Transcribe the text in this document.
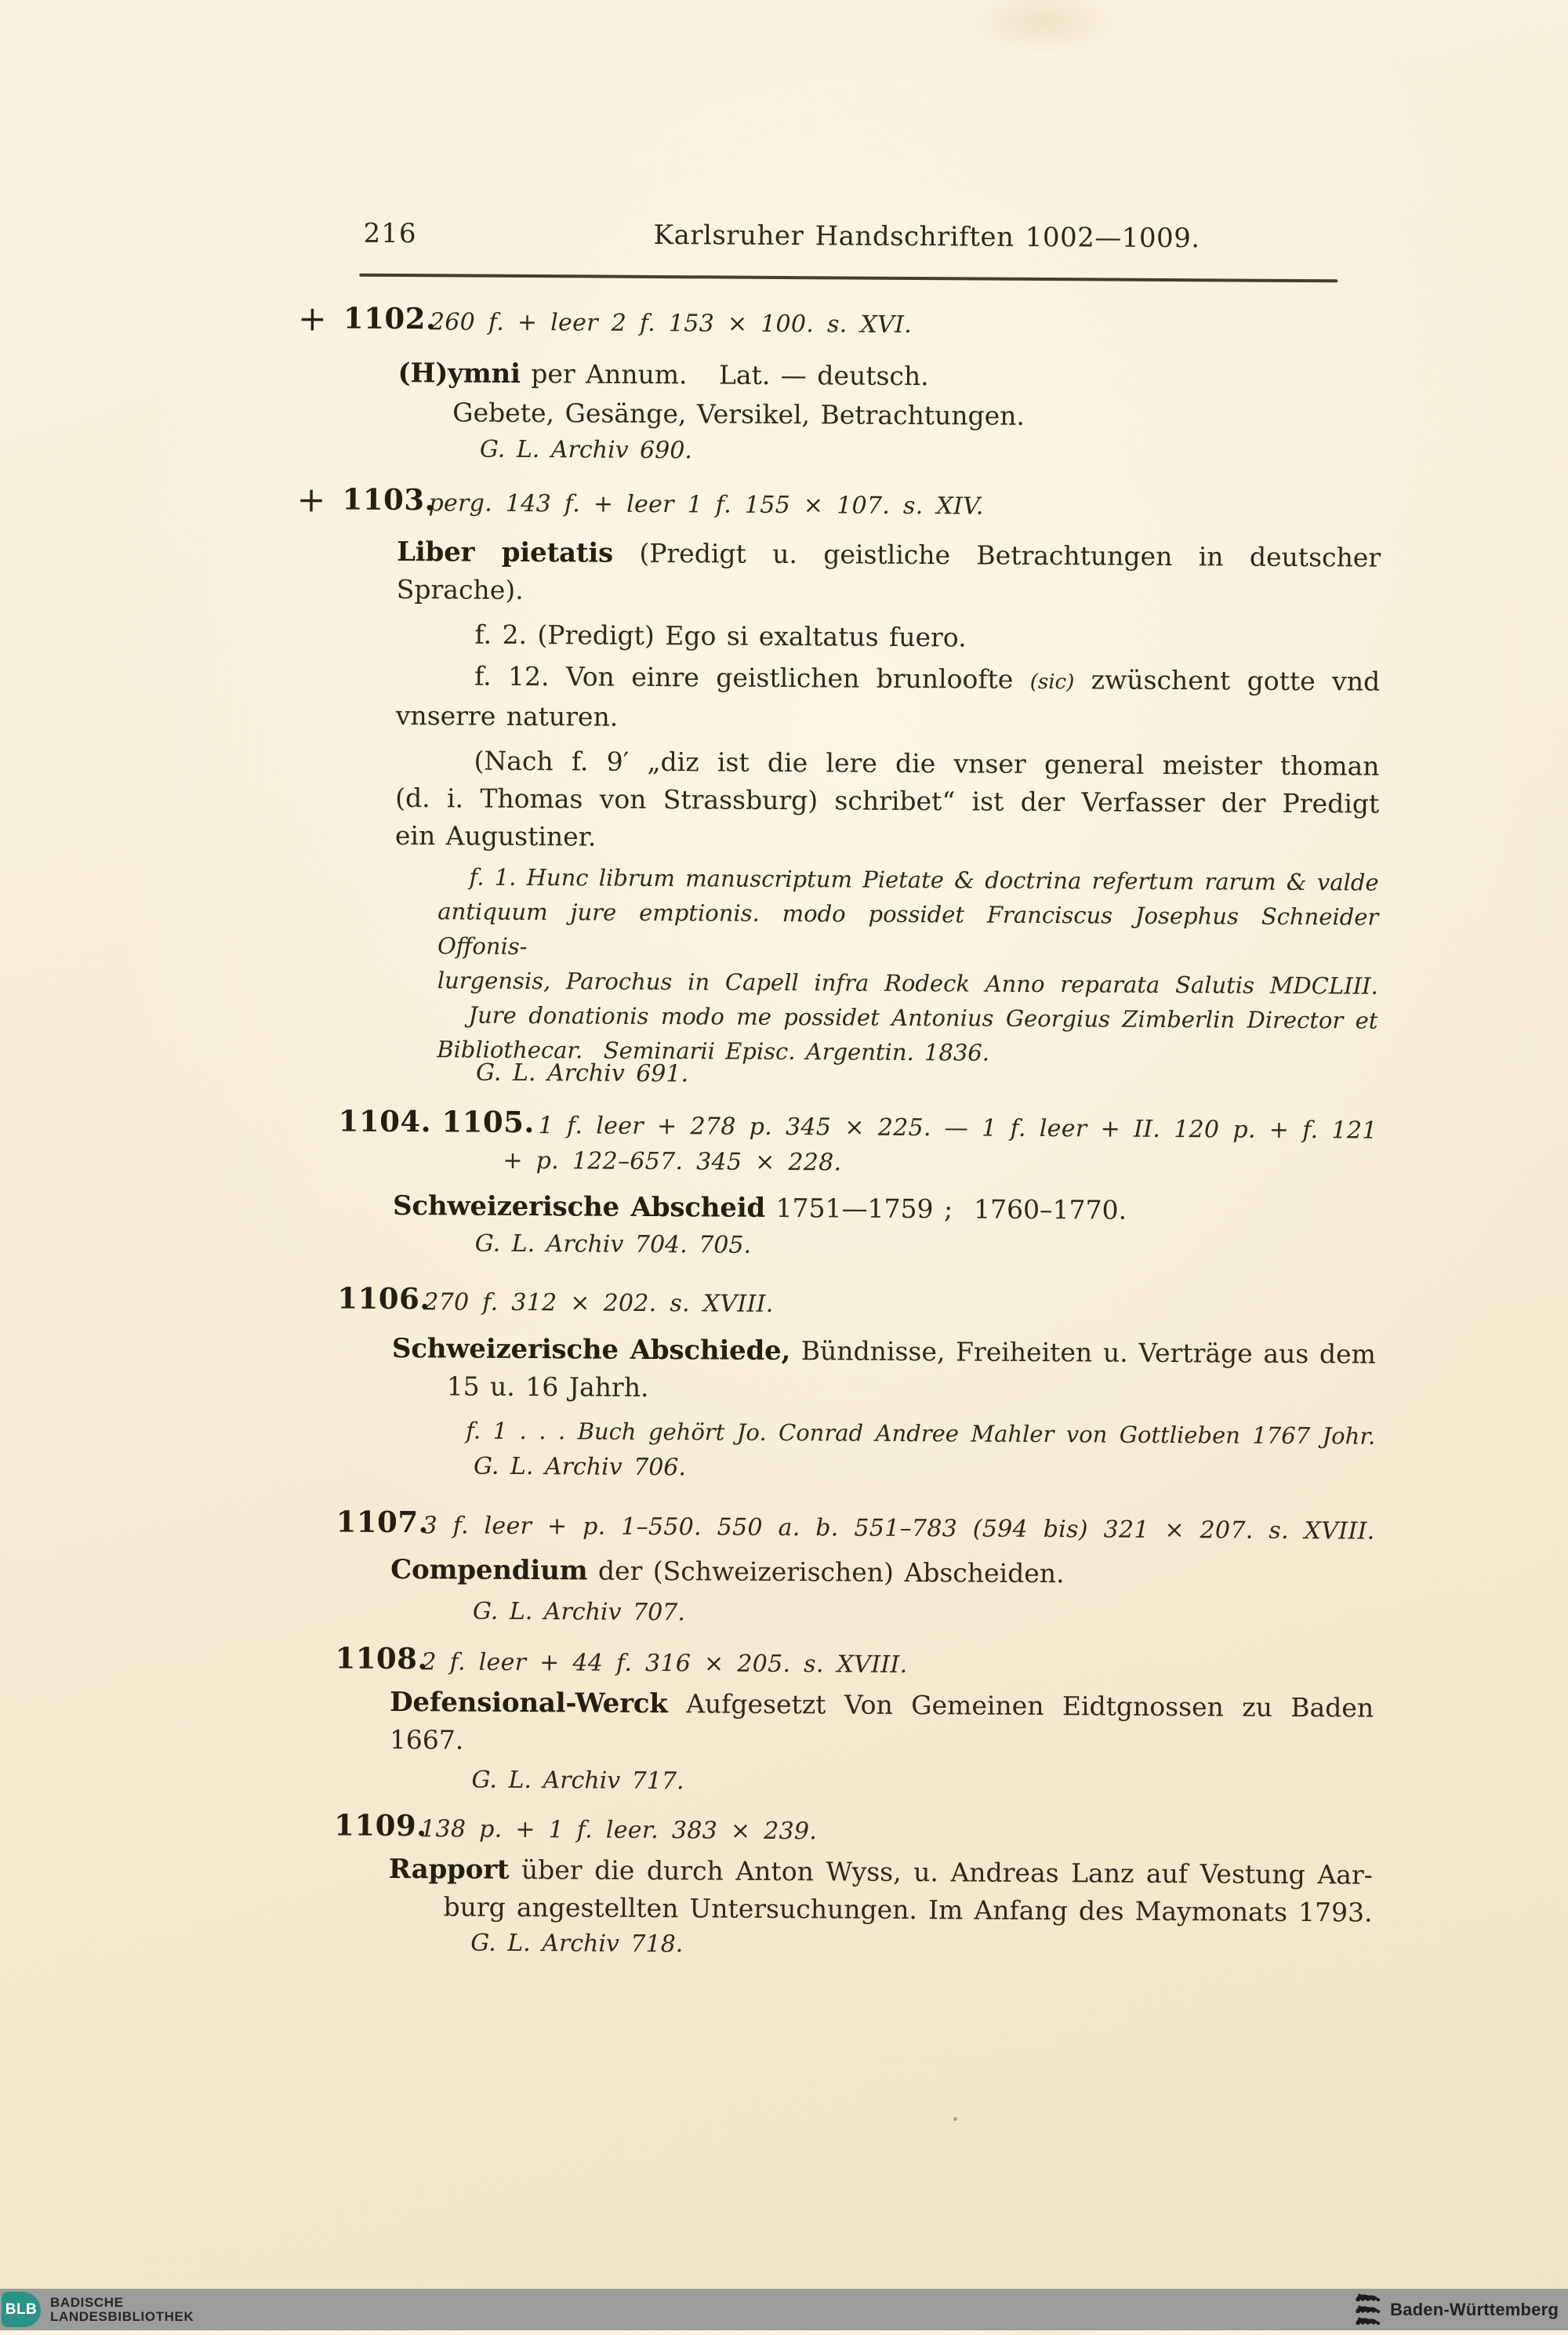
216	Karlsruher Handschriften 1002—1009.
+ 1102.
260 f. + leer 2 f. 153 × 100. s. XVI.
(H)ymni per Annum.   Lat. — deutsch.
Gebete, Gesänge, Versikel, Betrachtungen.
G. L. Archiv 690.
+ 1103.
perg. 143 f. + leer 1 f. 155 × 107. s. XIV.
Liber pietatis (Predigt u. geistliche Betrachtungen in deutscher Sprache).
f. 2. (Predigt) Ego si exaltatus fuero.
f. 12. Von einre geistlichen brunloofte (sic) zwüschent gotte vnd
vnserre naturen.
(Nach f. 9′ „diz ist die lere die vnser general meister thoman
(d. i. Thomas von Strassburg) schribet“ ist der Verfasser der Predigt
ein Augustiner.
f. 1. Hunc librum manuscriptum Pietate & doctrina refertum rarum & valde
antiquum jure emptionis. modo possidet Franciscus Josephus Schneider Offonis-
lurgensis, Parochus in Capell infra Rodeck Anno reparata Salutis MDCLIII.
Jure donationis modo me possidet Antonius Georgius Zimberlin Director et
Bibliothecar.  Seminarii Episc. Argentin. 1836.
G. L. Archiv 691.
1104. 1105. 1 f. leer + 278 p. 345 × 225. — 1 f. leer + II. 120 p. + f. 121
+ p. 122–657. 345 × 228.
Schweizerische Abscheid 1751—1759 ;  1760–1770.
G. L. Archiv 704. 705.
1106.
270 f. 312 × 202. s. XVIII.
Schweizerische Abschiede, Bündnisse, Freiheiten u. Verträge aus dem
15 u. 16 Jahrh.
f. 1 . . . Buch gehört Jo. Conrad Andree Mahler von Gottlieben 1767 Johr.
G. L. Archiv 706.
1107.
3 f. leer + p. 1–550. 550 a. b. 551–783 (594 bis) 321 × 207. s. XVIII.
Compendium der (Schweizerischen) Abscheiden.
G. L. Archiv 707.
1108.
2 f. leer + 44 f. 316 × 205. s. XVIII.
Defensional-Werck Aufgesetzt Von Gemeinen Eidtgnossen zu Baden 1667.
G. L. Archiv 717.
1109.
138 p. + 1 f. leer. 383 × 239.
Rapport über die durch Anton Wyss, u. Andreas Lanz auf Vestung Aar-
burg angestellten Untersuchungen. Im Anfang des Maymonats 1793.
G. L. Archiv 718.
BLB BADISCHE
LANDESBIBLIOTHEK	Baden-Württemberg
